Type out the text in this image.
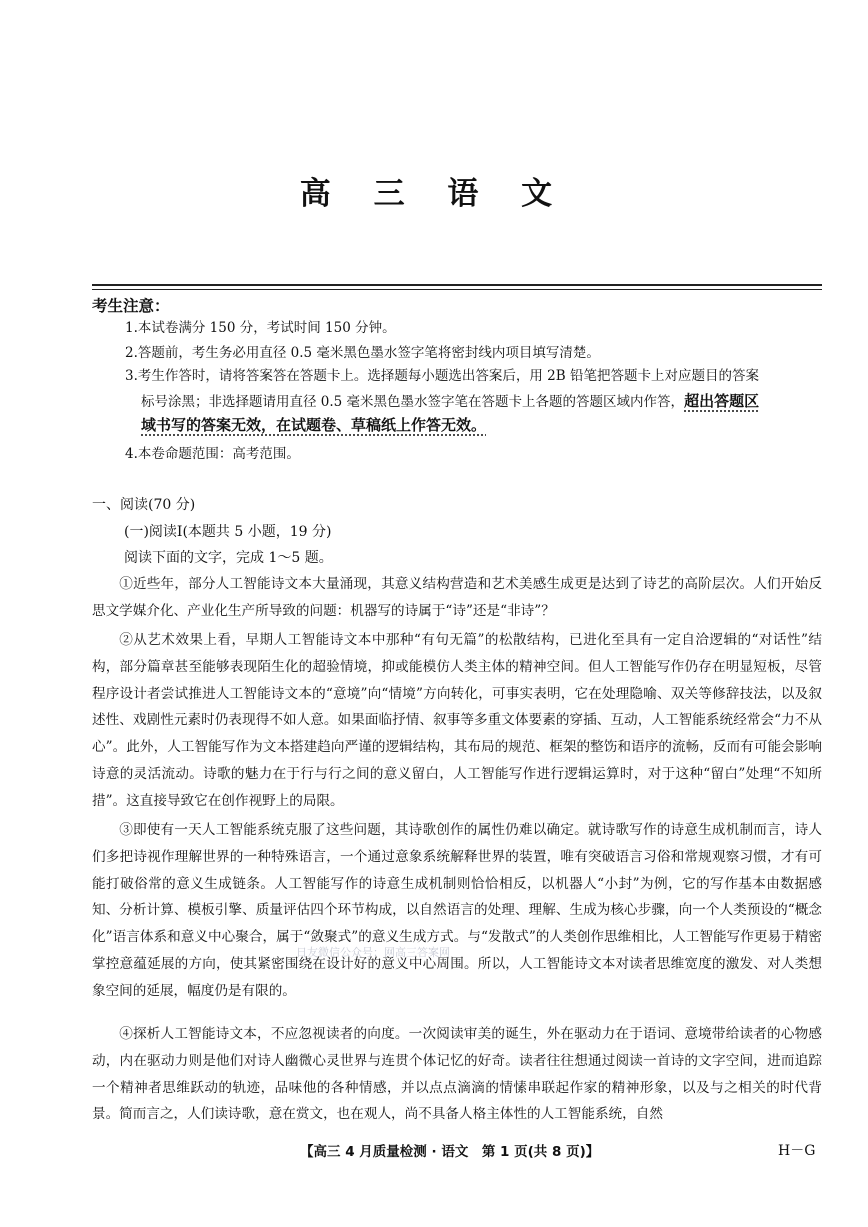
高 三 语 文
考生注意：
1.本试卷满分 150 分，考试时间 150 分钟。
2.答题前，考生务必用直径 0.5 毫米黑色墨水签字笔将密封线内项目填写清楚。
3.考生作答时，请将答案答在答题卡上。选择题每小题选出答案后，用 2B 铅笔把答题卡上对应题目的答案
标号涂黑；非选择题请用直径 0.5 毫米黑色墨水签字笔在答题卡上各题的答题区域内作答，超出答题区
域书写的答案无效，在试题卷、草稿纸上作答无效。
4.本卷命题范围：高考范围。
一、阅读(70 分)
(一)阅读Ⅰ(本题共 5 小题，19 分)
阅读下面的文字，完成 1～5 题。
①近些年，部分人工智能诗文本大量涌现，其意义结构营造和艺术美感生成更是达到了诗艺的高阶层次。人们开始反思文学媒介化、产业化生产所导致的问题：机器写的诗属于“诗”还是“非诗”？
②从艺术效果上看，早期人工智能诗文本中那种“有句无篇”的松散结构，已进化至具有一定自洽逻辑的“对话性”结构，部分篇章甚至能够表现陌生化的超验情境，抑或能模仿人类主体的精神空间。但人工智能写作仍存在明显短板，尽管程序设计者尝试推进人工智能诗文本的“意境”向“情境”方向转化，可事实表明，它在处理隐喻、双关等修辞技法，以及叙述性、戏剧性元素时仍表现得不如人意。如果面临抒情、叙事等多重文体要素的穿插、互动，人工智能系统经常会“力不从心”。此外，人工智能写作为文本搭建趋向严谨的逻辑结构，其布局的规范、框架的整饬和语序的流畅，反而有可能会影响诗意的灵活流动。诗歌的魅力在于行与行之间的意义留白，人工智能写作进行逻辑运算时，对于这种“留白”处理“不知所措”。这直接导致它在创作视野上的局限。
③即使有一天人工智能系统克服了这些问题，其诗歌创作的属性仍难以确定。就诗歌写作的诗意生成机制而言，诗人们多把诗视作理解世界的一种特殊语言，一个通过意象系统解释世界的装置，唯有突破语言习俗和常规观察习惯，才有可能打破俗常的意义生成链条。人工智能写作的诗意生成机制则恰恰相反，以机器人“小封”为例，它的写作基本由数据感知、分析计算、模板引擎、质量评估四个环节构成，以自然语言的处理、理解、生成为核心步骤，向一个人类预设的“概念化”语言体系和意义中心聚合，属于“敛聚式”的意义生成方式。与“发散式”的人类创作思维相比，人工智能写作更易于精密掌控意蕴延展的方向，使其紧密围绕在设计好的意义中心周围。所以，人工智能诗文本对读者思维宽度的激发、对人类想象空间的延展，幅度仍是有限的。
④探析人工智能诗文本，不应忽视读者的向度。一次阅读审美的诞生，外在驱动力在于语词、意境带给读者的心物感动，内在驱动力则是他们对诗人幽微心灵世界与连贯个体记忆的好奇。读者往往想通过阅读一首诗的文字空间，进而追踪一个精神者思维跃动的轨迹，品味他的各种情感，并以点点滴滴的情愫串联起作家的精神形象，以及与之相关的时代背景。简而言之，人们读诗歌，意在赏文，也在观人，尚不具备人格主体性的人工智能系统，自然
日友微信公众号：网高三答案网
【高三 4 月质量检测 · 语文　第 1 页(共 8 页)】	H－G
